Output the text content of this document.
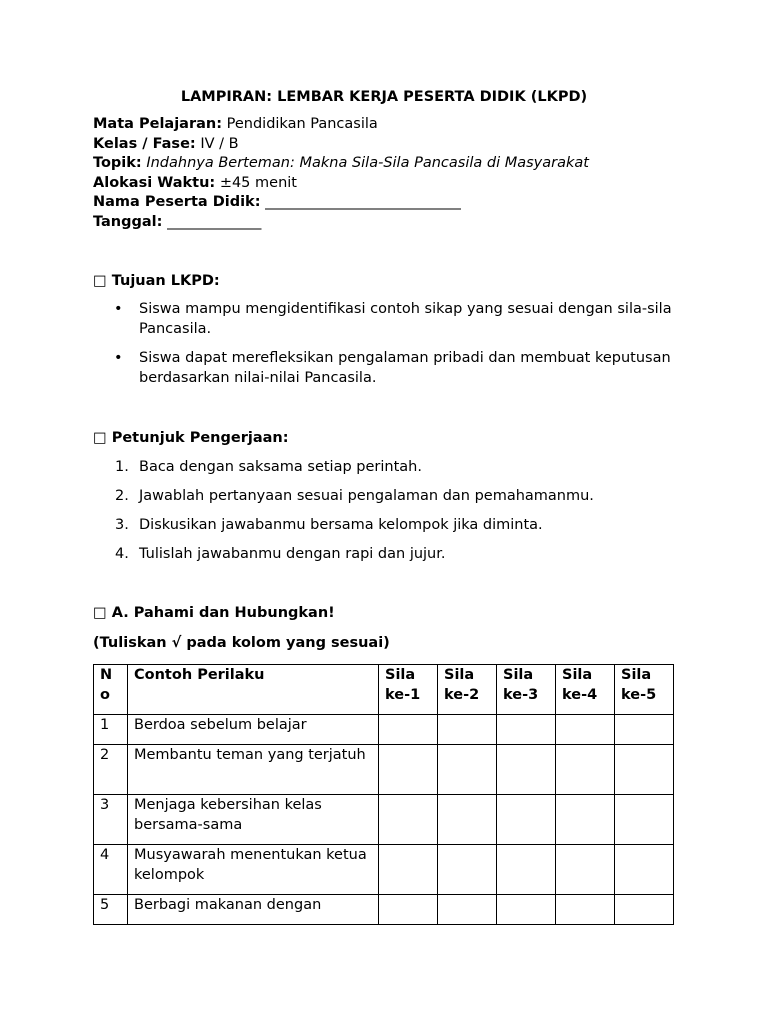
LAMPIRAN: LEMBAR KERJA PESERTA DIDIK (LKPD)
Mata Pelajaran: Pendidikan Pancasila
Kelas / Fase: IV / B
Topik: Indahnya Berteman: Makna Sila-Sila Pancasila di Masyarakat
Alokasi Waktu: ±45 menit
Nama Peserta Didik: ___________________________
Tanggal: _____________
□ Tujuan LKPD:
• Siswa mampu mengidentifikasi contoh sikap yang sesuai dengan sila-sila Pancasila.
• Siswa dapat merefleksikan pengalaman pribadi dan membuat keputusan berdasarkan nilai-nilai Pancasila.
□ Petunjuk Pengerjaan:
1. Baca dengan saksama setiap perintah.
2. Jawablah pertanyaan sesuai pengalaman dan pemahamanmu.
3. Diskusikan jawabanmu bersama kelompok jika diminta.
4. Tulislah jawabanmu dengan rapi dan jujur.
□ A. Pahami dan Hubungkan!
(Tuliskan √ pada kolom yang sesuai)
No	Contoh Perilaku	Sila ke-1	Sila ke-2	Sila ke-3	Sila ke-4	Sila ke-5
1	Berdoa sebelum belajar					
2	Membantu teman yang terjatuh					
3	Menjaga kebersihan kelas bersama-sama					
4	Musyawarah menentukan ketua kelompok					
5	Berbagi makanan dengan					
